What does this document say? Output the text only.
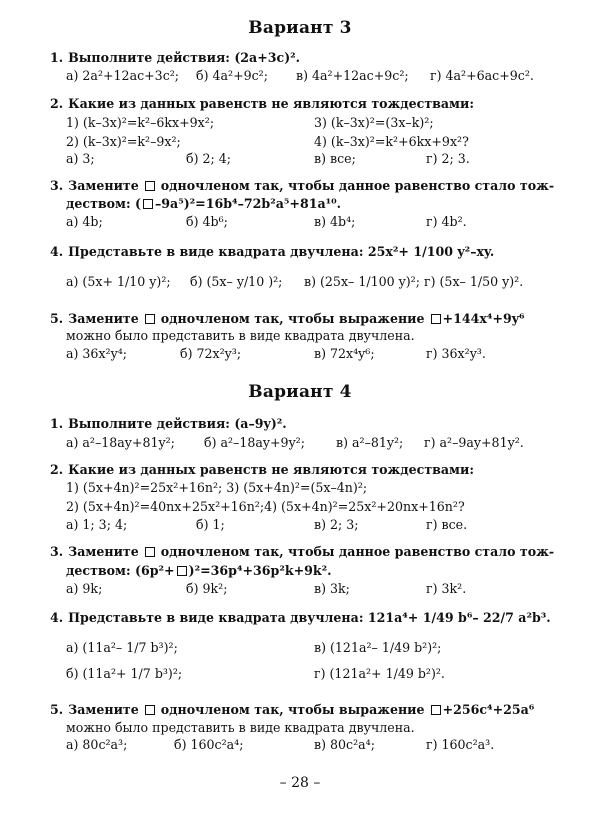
Вариант 3
1. Выполните действия: (2a+3c)².
а) 2a²+12ac+3c²; б) 4a²+9c²; в) 4a²+12ac+9c²; г) 4a²+6ac+9c².
2. Какие из данных равенств не являются тождествами:
1) (k–3x)²=k²–6kx+9x²;	3) (k–3x)²=(3x–k)²;
2) (k–3x)²=k²–9x²;	4) (k–3x)²=k²+6kx+9x²?
а) 3;	б) 2; 4;	в) все;	г) 2; 3.
3. Замените одночленом так, чтобы данное равенство стало тож-
деством: ( –9a⁵)²=16b⁴–72b²a⁵+81a¹⁰.
а) 4b;	б) 4b⁶;	в) 4b⁴;	г) 4b².
4. Представьте в виде квадрата двучлена: 25x²+ 1/100 y²–xy.
а) (5x+ 1/10 y)²; б) (5x– y/10 )²; в) (25x– 1/100 y)²; г) (5x– 1/50 y)².
5. Замените одночленом так, чтобы выражение +144x⁴+9y⁶
можно было представить в виде квадрата двучлена.
а) 36x²y⁴;	б) 72x²y³;	в) 72x⁴y⁶;	г) 36x²y³.
Вариант 4
1. Выполните действия: (a–9y)².
а) a²–18ay+81y²; б) a²–18ay+9y²; в) a²–81y²; г) a²–9ay+81y².
2. Какие из данных равенств не являются тождествами:
1) (5x+4n)²=25x²+16n²; 3) (5x+4n)²=(5x–4n)²;
2) (5x+4n)²=40nx+25x²+16n²;4) (5x+4n)²=25x²+20nx+16n²?
а) 1; 3; 4;	б) 1;	в) 2; 3;	г) все.
3. Замените одночленом так, чтобы данное равенство стало тож-
деством: (6p²+ )²=36p⁴+36p²k+9k².
а) 9k;	б) 9k²;	в) 3k;	г) 3k².
4. Представьте в виде квадрата двучлена: 121a⁴+ 1/49 b⁶– 22/7 a²b³.
а) (11a²– 1/7 b³)²;	в) (121a²– 1/49 b²)²;
б) (11a²+ 1/7 b³)²;	г) (121a²+ 1/49 b²)².
5. Замените одночленом так, чтобы выражение +256c⁴+25a⁶
можно было представить в виде квадрата двучлена.
а) 80c²a³;	б) 160c²a⁴;	в) 80c²a⁴;	г) 160c²a³.
– 28 –
